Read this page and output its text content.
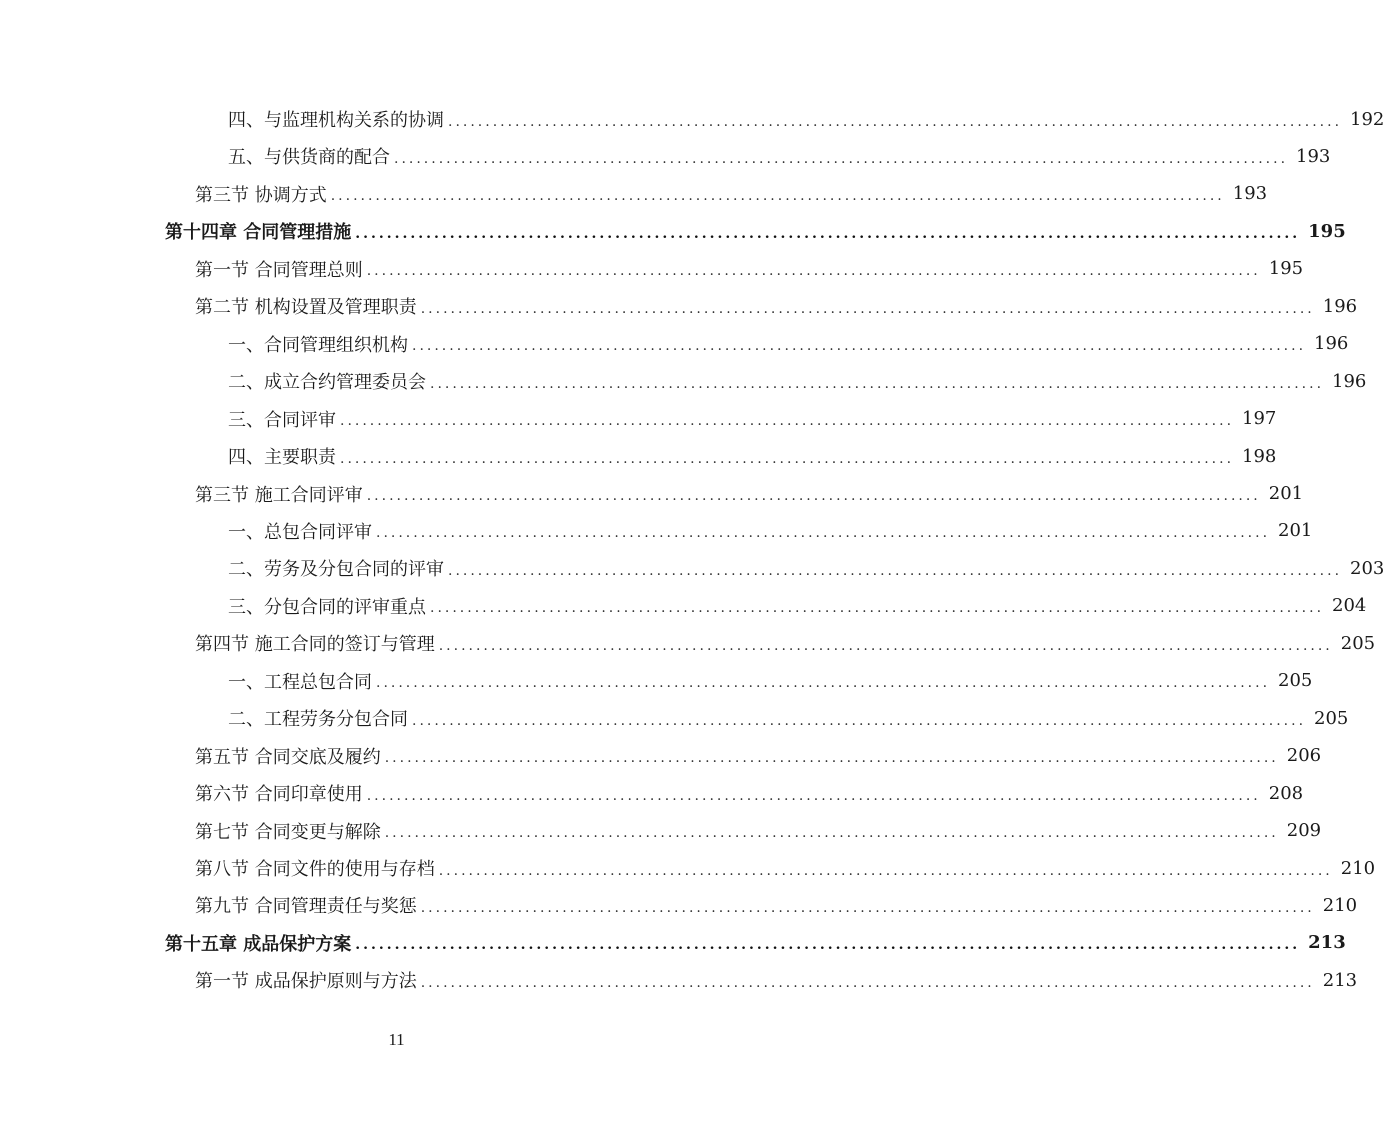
四、与监理机构关系的协调 ........................................................................................................................ 192
五、与供货商的配合 ........................................................................................................................ 193
第三节 协调方式 ........................................................................................................................ 193
第十四章 合同管理措施 ........................................................................................................................ 195
第一节 合同管理总则 ........................................................................................................................ 195
第二节 机构设置及管理职责 ........................................................................................................................ 196
一、合同管理组织机构 ........................................................................................................................ 196
二、成立合约管理委员会 ........................................................................................................................ 196
三、合同评审 ........................................................................................................................ 197
四、主要职责 ........................................................................................................................ 198
第三节 施工合同评审 ........................................................................................................................ 201
一、总包合同评审 ........................................................................................................................ 201
二、劳务及分包合同的评审 ........................................................................................................................ 203
三、分包合同的评审重点 ........................................................................................................................ 204
第四节 施工合同的签订与管理 ........................................................................................................................ 205
一、工程总包合同 ........................................................................................................................ 205
二、工程劳务分包合同 ........................................................................................................................ 205
第五节 合同交底及履约 ........................................................................................................................ 206
第六节 合同印章使用 ........................................................................................................................ 208
第七节 合同变更与解除 ........................................................................................................................ 209
第八节 合同文件的使用与存档 ........................................................................................................................ 210
第九节 合同管理责任与奖惩 ........................................................................................................................ 210
第十五章 成品保护方案 ........................................................................................................................ 213
第一节 成品保护原则与方法 ........................................................................................................................ 213
11
